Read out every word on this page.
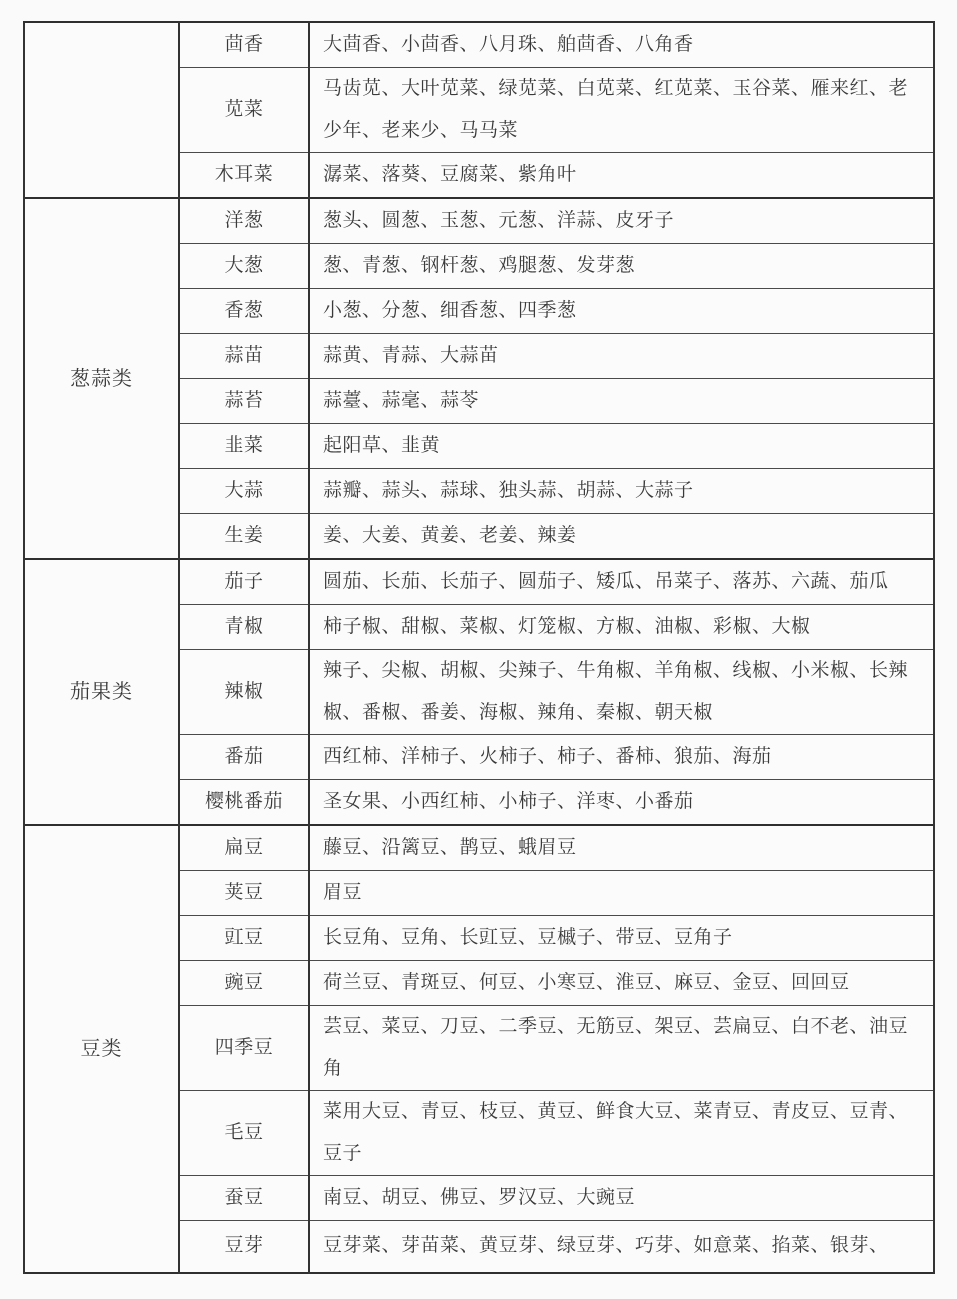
	茴香	大茴香、小茴香、八月珠、舶茴香、八角香
	苋菜	马齿苋、大叶苋菜、绿苋菜、白苋菜、红苋菜、玉谷菜、雁来红、老少年、老来少、马马菜
	木耳菜	潺菜、落葵、豆腐菜、紫角叶
葱蒜类	洋葱	葱头、圆葱、玉葱、元葱、洋蒜、皮牙子
	大葱	葱、青葱、钢杆葱、鸡腿葱、发芽葱
	香葱	小葱、分葱、细香葱、四季葱
	蒜苗	蒜黄、青蒜、大蒜苗
	蒜苔	蒜薹、蒜毫、蒜苓
	韭菜	起阳草、韭黄
	大蒜	蒜瓣、蒜头、蒜球、独头蒜、胡蒜、大蒜子
	生姜	姜、大姜、黄姜、老姜、辣姜
茄果类	茄子	圆茄、长茄、长茄子、圆茄子、矮瓜、吊菜子、落苏、六蔬、茄瓜
	青椒	柿子椒、甜椒、菜椒、灯笼椒、方椒、油椒、彩椒、大椒
	辣椒	辣子、尖椒、胡椒、尖辣子、牛角椒、羊角椒、线椒、小米椒、长辣椒、番椒、番姜、海椒、辣角、秦椒、朝天椒
	番茄	西红柿、洋柿子、火柿子、柿子、番柿、狼茄、海茄
	樱桃番茄	圣女果、小西红柿、小柿子、洋枣、小番茄
豆类	扁豆	藤豆、沿篱豆、鹊豆、蛾眉豆
	荚豆	眉豆
	豇豆	长豆角、豆角、长豇豆、豆槭子、带豆、豆角子
	豌豆	荷兰豆、青斑豆、何豆、小寒豆、淮豆、麻豆、金豆、回回豆
	四季豆	芸豆、菜豆、刀豆、二季豆、无筋豆、架豆、芸扁豆、白不老、油豆角
	毛豆	菜用大豆、青豆、枝豆、黄豆、鲜食大豆、菜青豆、青皮豆、豆青、豆子
	蚕豆	南豆、胡豆、佛豆、罗汉豆、大豌豆
	豆芽	豆芽菜、芽苗菜、黄豆芽、绿豆芽、巧芽、如意菜、掐菜、银芽、
